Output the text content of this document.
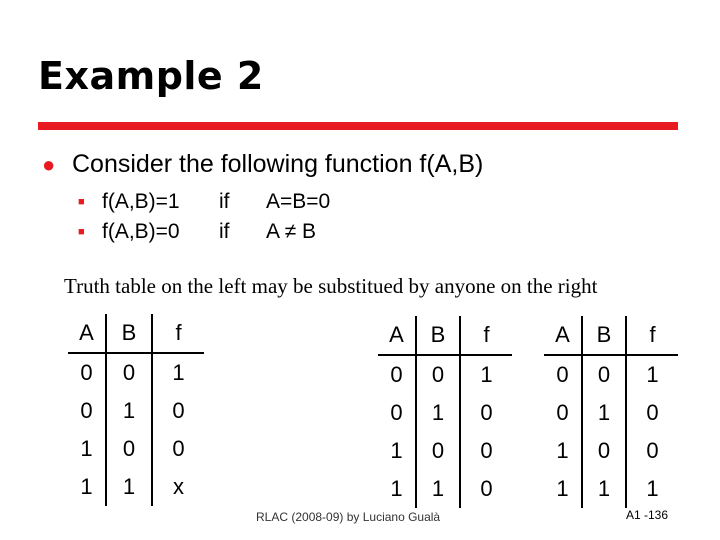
Example 2
● Consider the following function f(A,B)
■ f(A,B)=1	if	A=B=0
■ f(A,B)=0	if	A ≠ B

Truth table on the left may be substitued by anyone on the right

A	B	f
0	0	1
0	1	0
1	0	0
1	1	x
A	B	f
0	0	1
0	1	0
1	0	0
1	1	0
A	B	f
0	0	1
0	1	0
1	0	0
1	1	1
RLAC (2008-09) by Luciano Gualà	A1 -136
